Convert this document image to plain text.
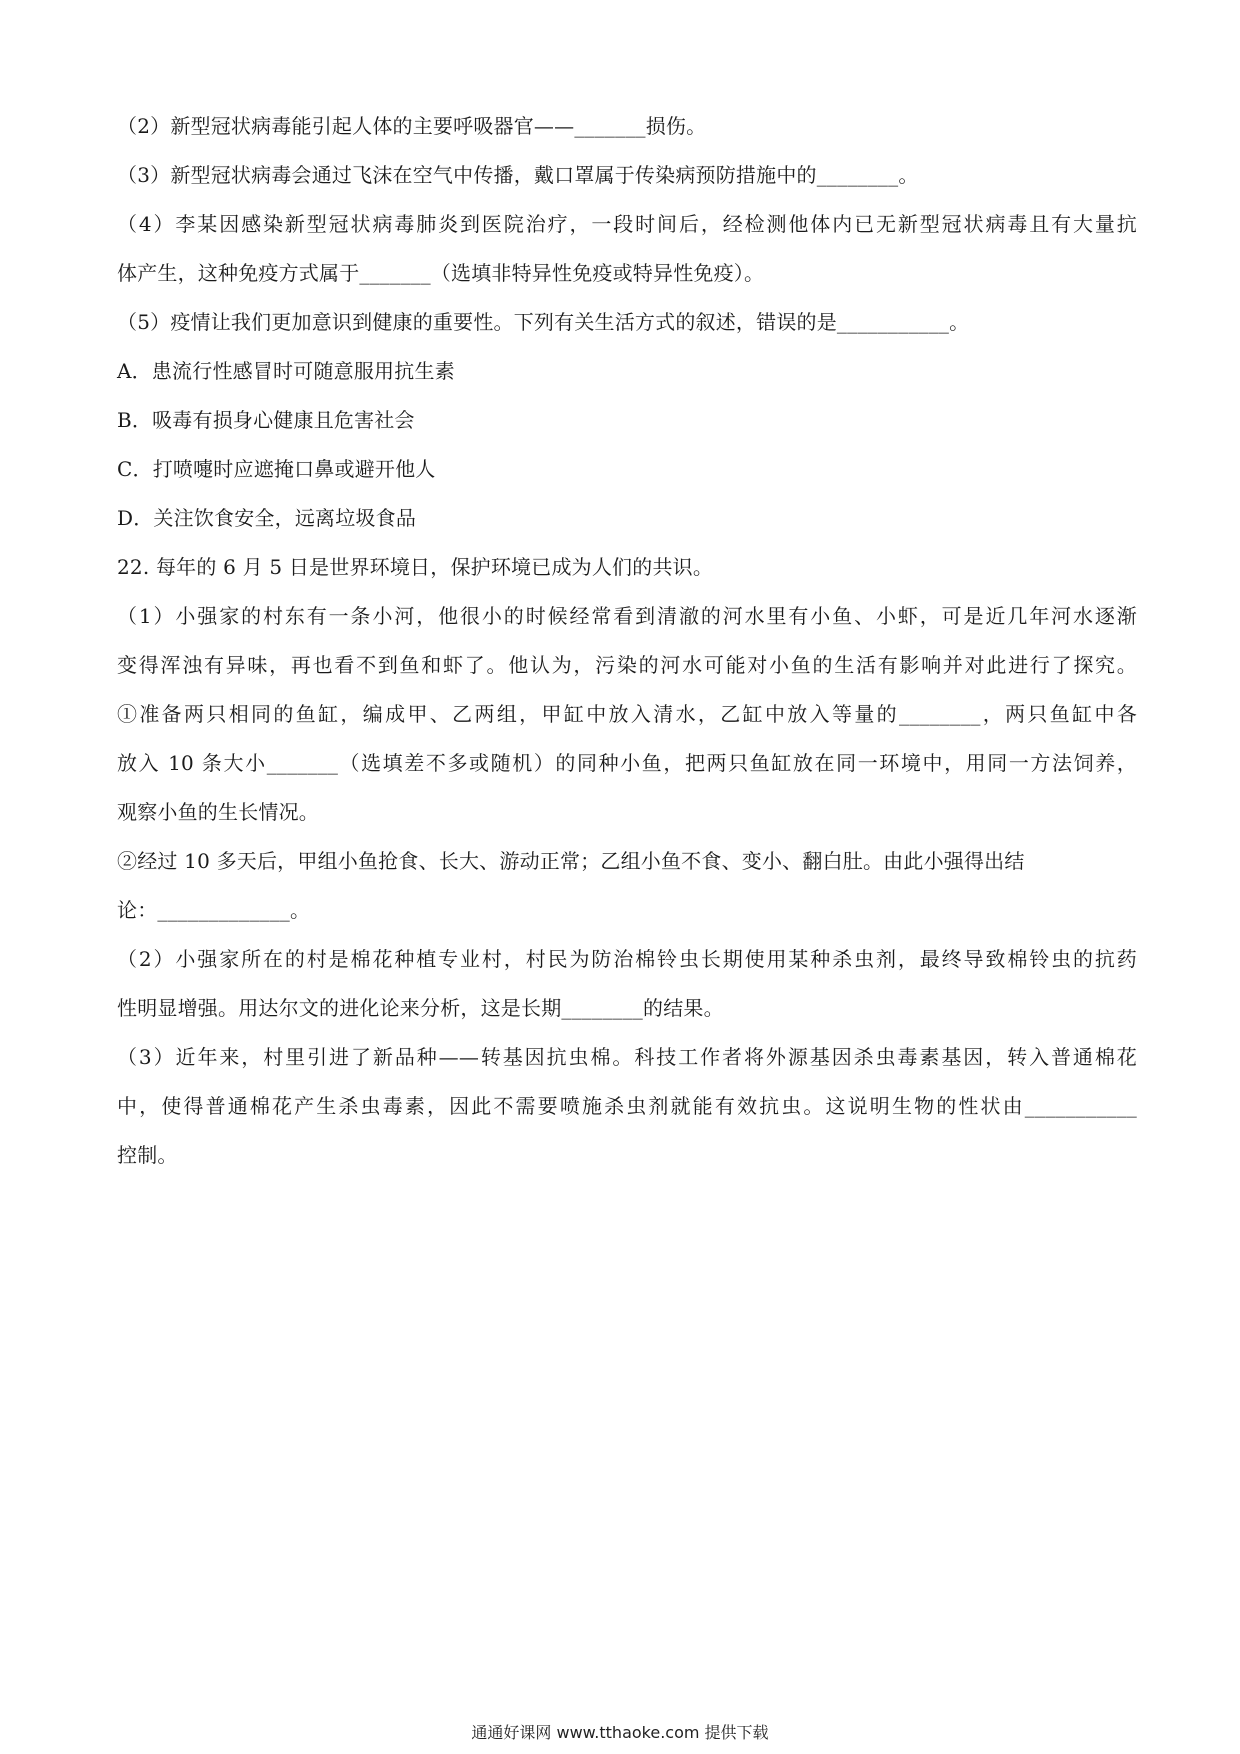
（2）新型冠状病毒能引起人体的主要呼吸器官——_______损伤。
（3）新型冠状病毒会通过飞沫在空气中传播，戴口罩属于传染病预防措施中的________。
（4）李某因感染新型冠状病毒肺炎到医院治疗，一段时间后，经检测他体内已无新型冠状病毒且有大量抗
体产生，这种免疫方式属于_______（选填非特异性免疫或特异性免疫）。
（5）疫情让我们更加意识到健康的重要性。下列有关生活方式的叙述，错误的是___________。
A．患流行性感冒时可随意服用抗生素
B．吸毒有损身心健康且危害社会
C．打喷嚏时应遮掩口鼻或避开他人
D．关注饮食安全，远离垃圾食品
22. 每年的 6 月 5 日是世界环境日，保护环境已成为人们的共识。
（1）小强家的村东有一条小河，他很小的时候经常看到清澈的河水里有小鱼、小虾，可是近几年河水逐渐
变得浑浊有异味，再也看不到鱼和虾了。他认为，污染的河水可能对小鱼的生活有影响并对此进行了探究。
①准备两只相同的鱼缸，编成甲、乙两组，甲缸中放入清水，乙缸中放入等量的________，两只鱼缸中各
放入 10 条大小_______（选填差不多或随机）的同种小鱼，把两只鱼缸放在同一环境中，用同一方法饲养，
观察小鱼的生长情况。
②经过 10 多天后，甲组小鱼抢食、长大、游动正常；乙组小鱼不食、变小、翻白肚。由此小强得出结
论：_____________。
（2）小强家所在的村是棉花种植专业村，村民为防治棉铃虫长期使用某种杀虫剂，最终导致棉铃虫的抗药
性明显增强。用达尔文的进化论来分析，这是长期________的结果。
（3）近年来，村里引进了新品种——转基因抗虫棉。科技工作者将外源基因杀虫毒素基因，转入普通棉花
中，使得普通棉花产生杀虫毒素，因此不需要喷施杀虫剂就能有效抗虫。这说明生物的性状由___________
控制。
通通好课网 www.tthaoke.com 提供下载
